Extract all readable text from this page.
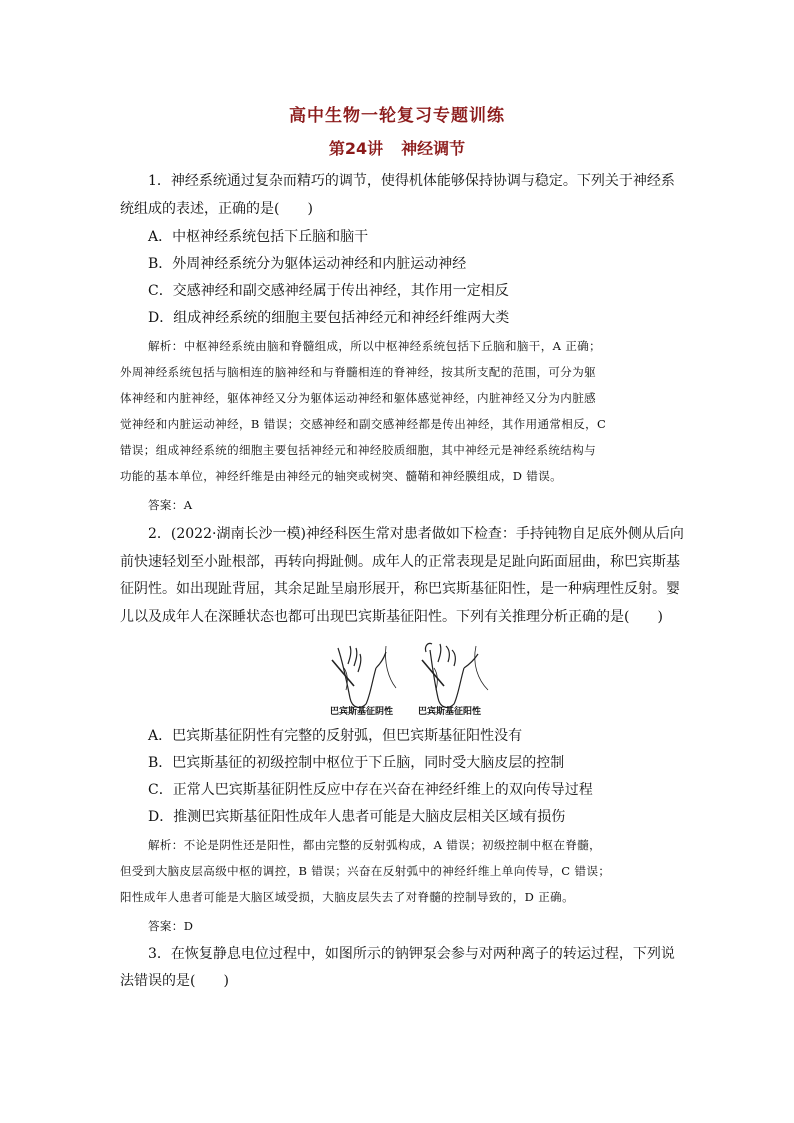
高中生物一轮复习专题训练
第24讲 神经调节
1．神经系统通过复杂而精巧的调节，使得机体能够保持协调与稳定。下列关于神经系
统组成的表述，正确的是(　　)
A．中枢神经系统包括下丘脑和脑干
B．外周神经系统分为躯体运动神经和内脏运动神经
C．交感神经和副交感神经属于传出神经，其作用一定相反
D．组成神经系统的细胞主要包括神经元和神经纤维两大类
解析：中枢神经系统由脑和脊髓组成，所以中枢神经系统包括下丘脑和脑干，A 正确；
外周神经系统包括与脑相连的脑神经和与脊髓相连的脊神经，按其所支配的范围，可分为躯
体神经和内脏神经，躯体神经又分为躯体运动神经和躯体感觉神经，内脏神经又分为内脏感
觉神经和内脏运动神经，B 错误；交感神经和副交感神经都是传出神经，其作用通常相反，C
错误；组成神经系统的细胞主要包括神经元和神经胶质细胞，其中神经元是神经系统结构与
功能的基本单位，神经纤维是由神经元的轴突或树突、髓鞘和神经膜组成，D 错误。
答案：A
2．(2022·湖南长沙一模)神经科医生常对患者做如下检查：手持钝物自足底外侧从后向
前快速轻划至小趾根部，再转向拇趾侧。成年人的正常表现是足趾向跖面屈曲，称巴宾斯基
征阴性。如出现趾背屈，其余足趾呈扇形展开，称巴宾斯基征阳性，是一种病理性反射。婴
儿以及成年人在深睡状态也都可出现巴宾斯基征阳性。下列有关推理分析正确的是(　　)
巴宾斯基征阴性	巴宾斯基征阳性
A．巴宾斯基征阴性有完整的反射弧，但巴宾斯基征阳性没有
B．巴宾斯基征的初级控制中枢位于下丘脑，同时受大脑皮层的控制
C．正常人巴宾斯基征阴性反应中存在兴奋在神经纤维上的双向传导过程
D．推测巴宾斯基征阳性成年人患者可能是大脑皮层相关区域有损伤
解析：不论是阴性还是阳性，都由完整的反射弧构成，A 错误；初级控制中枢在脊髓，
但受到大脑皮层高级中枢的调控，B 错误；兴奋在反射弧中的神经纤维上单向传导，C 错误；
阳性成年人患者可能是大脑区域受损，大脑皮层失去了对脊髓的控制导致的，D 正确。
答案：D
3．在恢复静息电位过程中，如图所示的钠钾泵会参与对两种离子的转运过程，下列说
法错误的是(　　)
